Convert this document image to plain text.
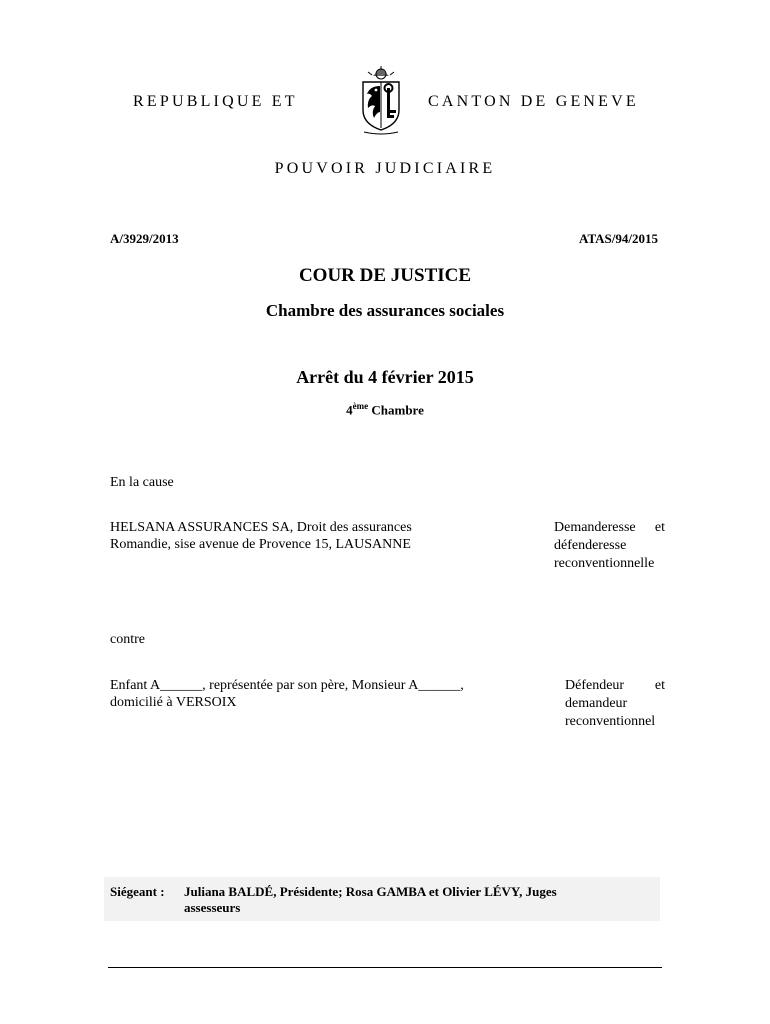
REPUBLIQUE ET	CANTON DE GENEVE
POUVOIR JUDICIAIRE
A/3929/2013	ATAS/94/2015
COUR DE JUSTICE
Chambre des assurances sociales
Arrêt du 4 février 2015
4ème Chambre
En la cause
HELSANA ASSURANCES SA, Droit des assurances
Romandie, sise avenue de Provence 15, LAUSANNE
Demanderesse et
défenderesse
reconventionnelle
contre
Enfant A______, représentée par son père, Monsieur A______,
domicilié à VERSOIX
Défendeur et
demandeur
reconventionnel
Siégeant : Juliana BALDÉ, Présidente; Rosa GAMBA et Olivier LÉVY, Juges
assesseurs
